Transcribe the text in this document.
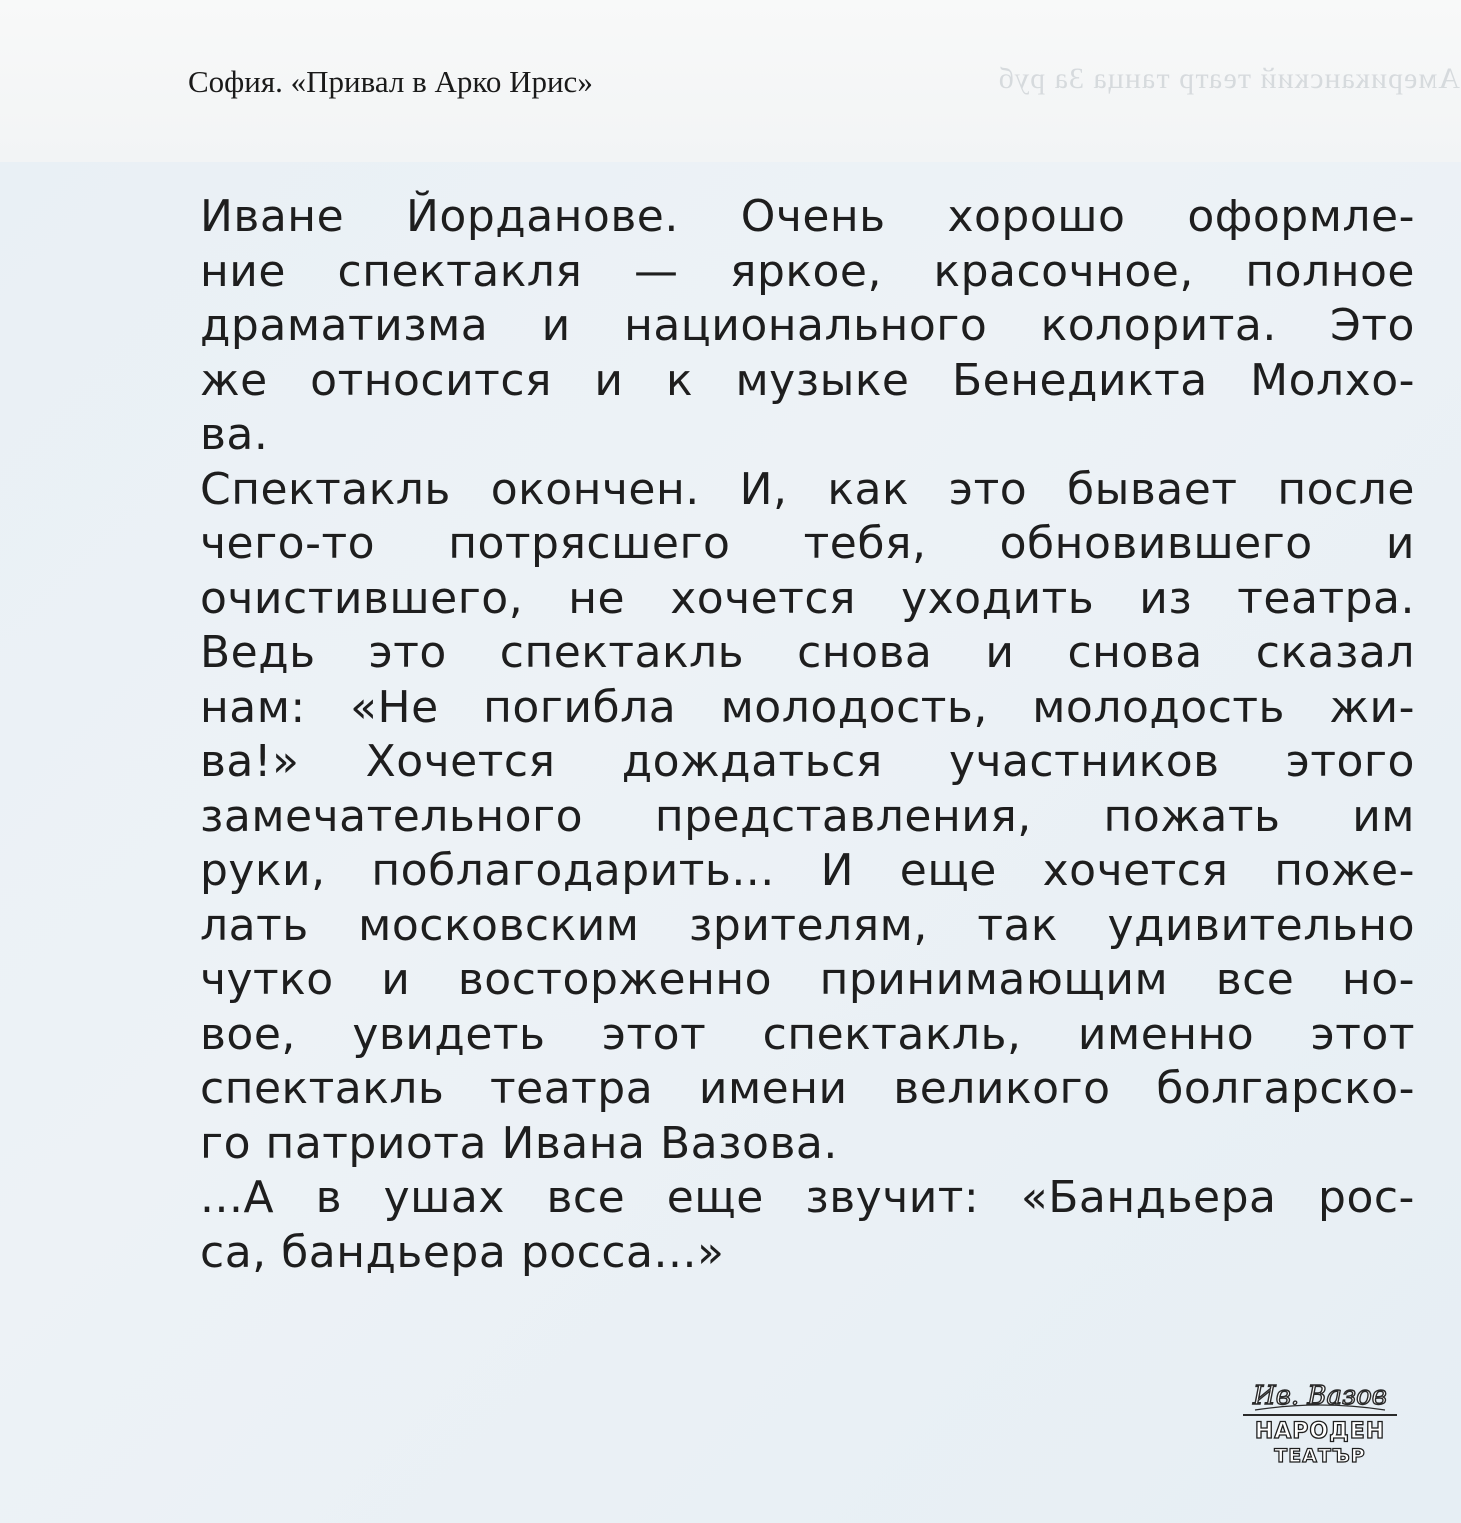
Американский театр танца 3а руб
София. «Привал в Арко Ирис»
Иване Йорданове. Очень хорошо оформле-
ние спектакля — яркое, красочное, полное
драматизма и национального колорита. Это
же относится и к музыке Бенедикта Молхо-
ва.
Спектакль окончен. И, как это бывает после
чего-то потрясшего тебя, обновившего и
очистившего, не хочется уходить из театра.
Ведь это спектакль снова и снова сказал
нам: «Не погибла молодость, молодость жи-
ва!» Хочется дождаться участников этого
замечательного представления, пожать им
руки, поблагодарить... И еще хочется поже-
лать московским зрителям, так удивительно
чутко и восторженно принимающим все но-
вое, увидеть этот спектакль, именно этот
спектакль театра имени великого болгарско-
го патриота Ивана Вазова.
...А в ушах все еще звучит: «Бандьера рос-
са, бандьера росса...»
Ив. Вазов
НАРОДЕН
ТЕАТЪР
